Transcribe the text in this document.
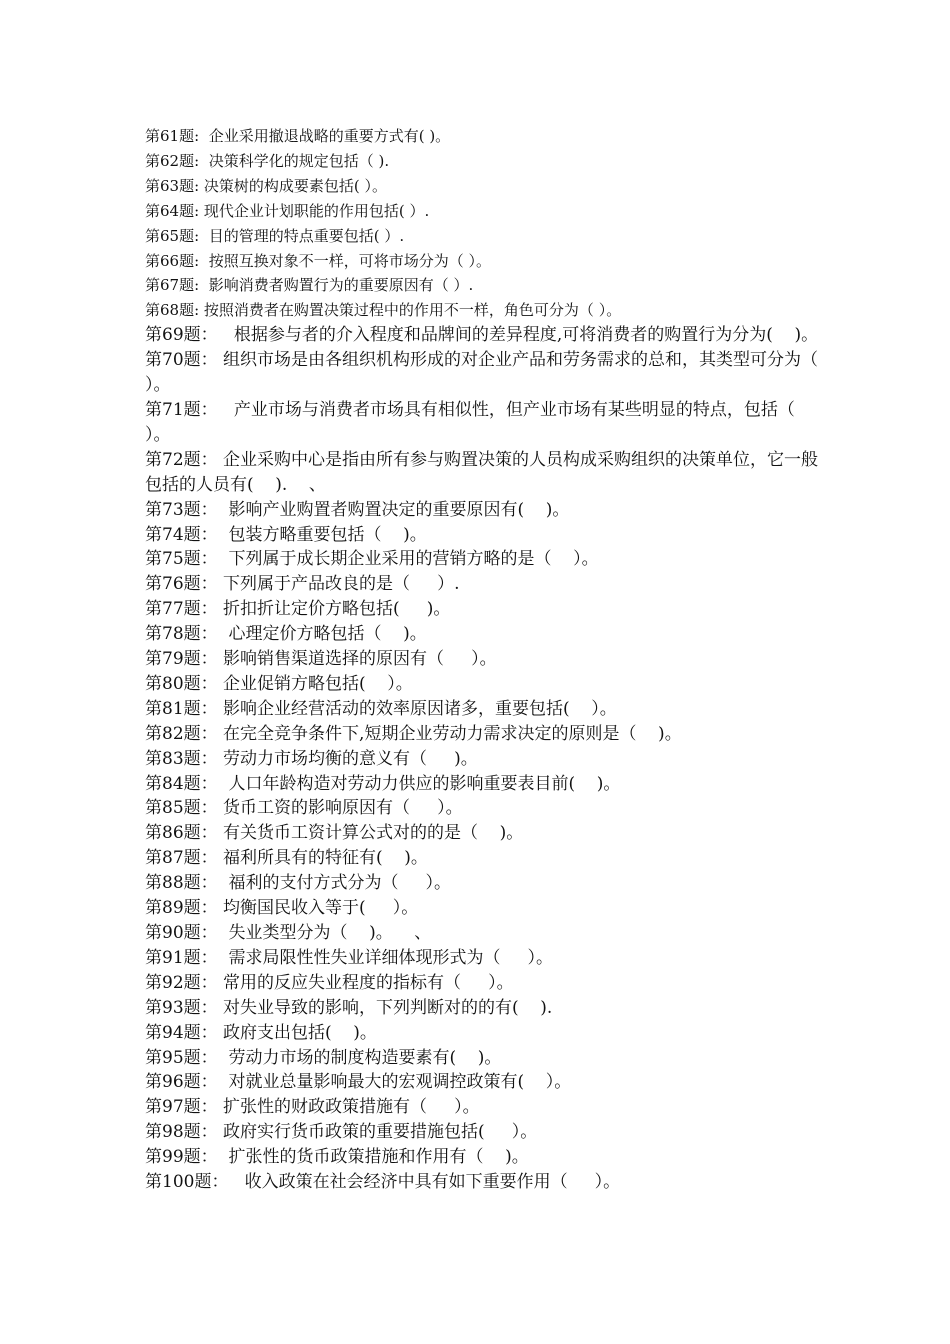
第61题:  企业采用撤退战略的重要方式有( )。
第62题:  决策科学化的规定包括（ ).
第63题: 决策树的构成要素包括( ）。
第64题: 现代企业计划职能的作用包括( ）.
第65题:  目的管理的特点重要包括( ）.
第66题:  按照互换对象不一样，可将市场分为（ ）。
第67题:  影响消费者购置行为的重要原因有（ ）.
第68题: 按照消费者在购置决策过程中的作用不一样，角色可分为（ ）。
第69题：   根据参与者的介入程度和品牌间的差异程度,可将消费者的购置行为分为(    )。
第70题： 组织市场是由各组织机构形成的对企业产品和劳务需求的总和，其类型可分为（     ）。
第71题：   产业市场与消费者市场具有相似性，但产业市场有某些明显的特点，包括（    ）。
第72题： 企业采购中心是指由所有参与购置决策的人员构成采购组织的决策单位，它一般包括的人员有(    ).    、
第73题：  影响产业购置者购置决定的重要原因有(    )。
第74题：  包装方略重要包括（    )。
第75题：  下列属于成长期企业采用的营销方略的是（    ）。
第76题： 下列属于产品改良的是（     ）.
第77题： 折扣折让定价方略包括(     )。
第78题：  心理定价方略包括（    )。
第79题： 影响销售渠道选择的原因有（     ）。
第80题： 企业促销方略包括(    ）。
第81题： 影响企业经营活动的效率原因诸多，重要包括(    ）。
第82题： 在完全竞争条件下,短期企业劳动力需求决定的原则是（    )。
第83题： 劳动力市场均衡的意义有（     )。
第84题：  人口年龄构造对劳动力供应的影响重要表目前(    )。
第85题： 货币工资的影响原因有（     ）。
第86题： 有关货币工资计算公式对的的是（    )。
第87题： 福利所具有的特征有(    )。
第88题：  福利的支付方式分为（     ）。
第89题： 均衡国民收入等于(     ）。
第90题：  失业类型分为（    )。    、
第91题：  需求局限性性失业详细体现形式为（     ）。
第92题： 常用的反应失业程度的指标有（     ）。
第93题： 对失业导致的影响，下列判断对的的有(    ).
第94题： 政府支出包括(    )。
第95题：  劳动力市场的制度构造要素有(    )。
第96题：  对就业总量影响最大的宏观调控政策有(    ）。
第97题： 扩张性的财政政策措施有（     ）。
第98题： 政府实行货币政策的重要措施包括(     ）。
第99题：  扩张性的货币政策措施和作用有（    )。
第100题：   收入政策在社会经济中具有如下重要作用（     ）。
